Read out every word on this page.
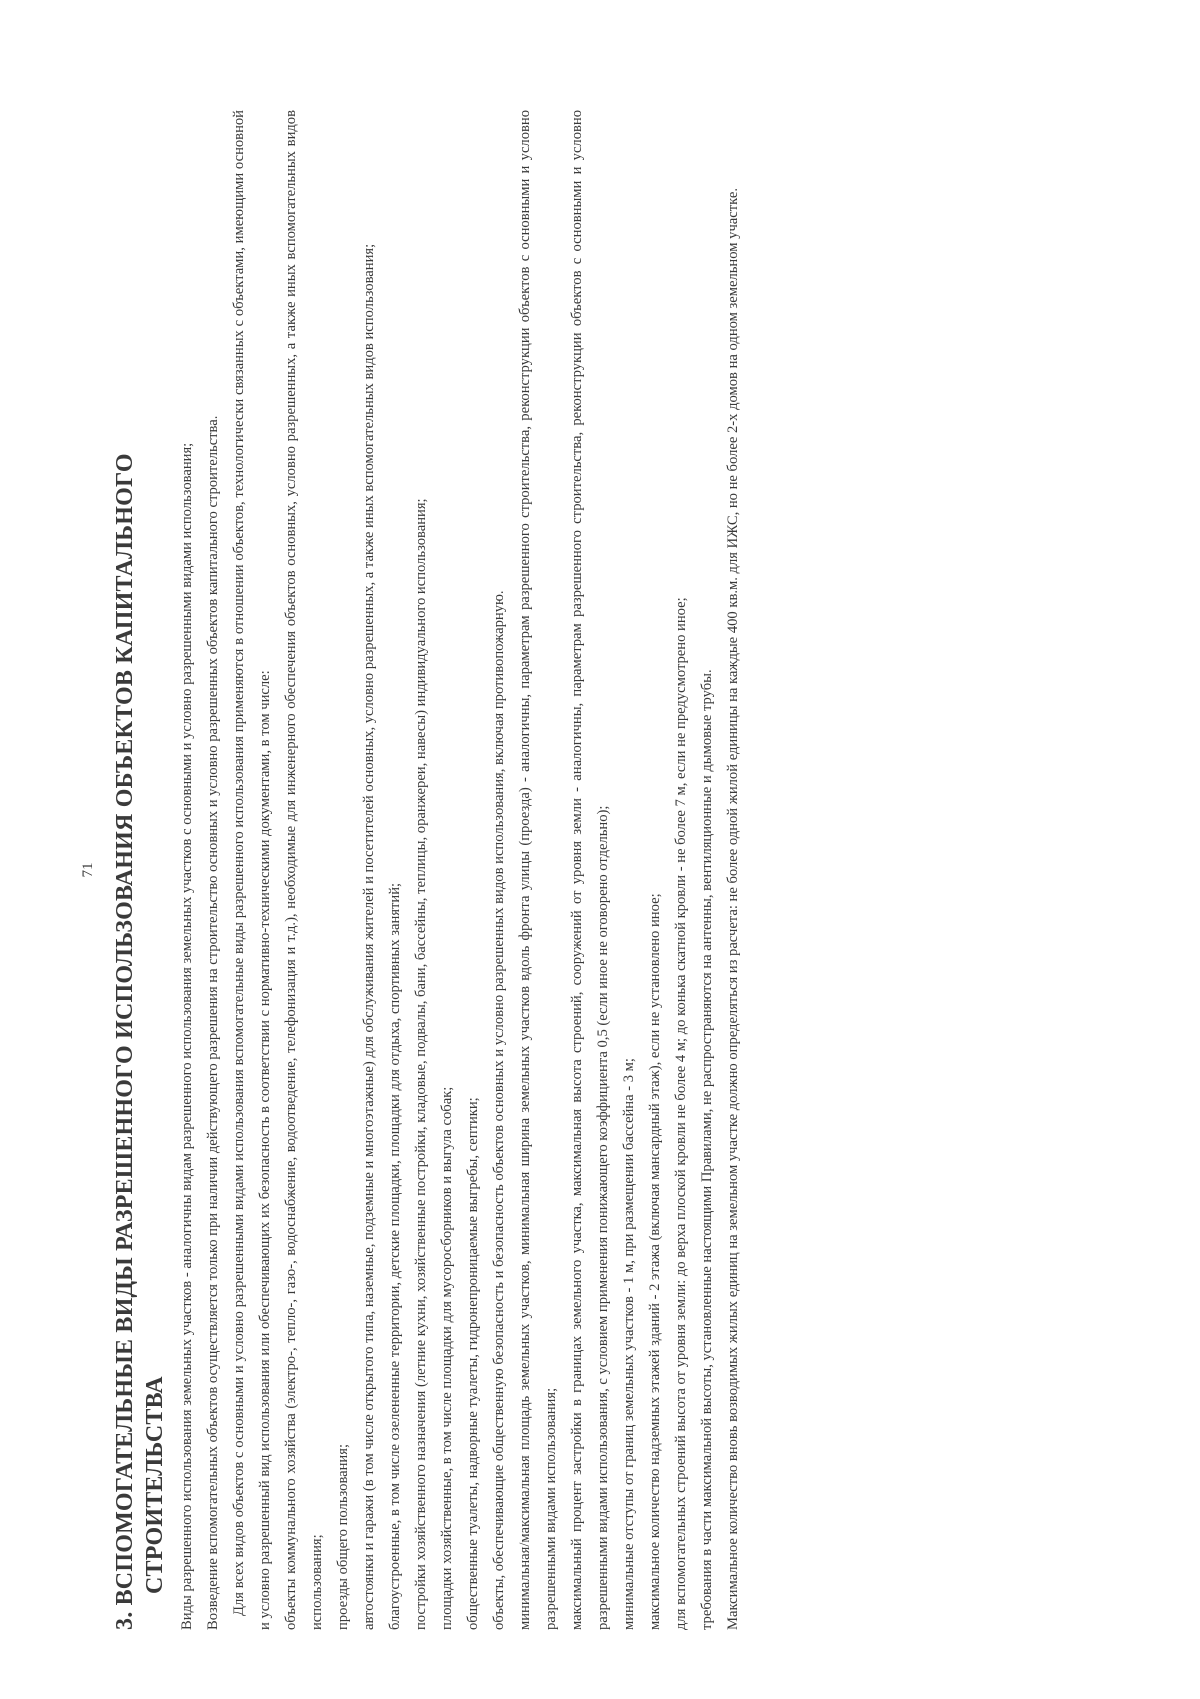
71 3. ВСПОМОГАТЕЛЬНЫЕ ВИДЫ РАЗРЕШЕННОГО ИСПОЛЬЗОВАНИЯ ОБЪЕКТОВ КАПИТАЛЬНОГО СТРОИТЕЛЬСТВА Виды разрешенного использования земельных участков - аналогичны видам разрешенного использования земельных участков с основными и условно разрешенными видами использования; Возведение вспомогательных объектов осуществляется только при наличии действующего разрешения на строительство основных и условно разрешенных объектов капитального строительства. Для всех видов объектов с основными и условно разрешенными видами использования вспомогательные виды разрешенного использования применяются в отношении объектов, технологически связанных с объектами, имеющими основной и условно разрешенный вид использования или обеспечивающих их безопасность в соответствии с нормативно-техническими документами, в том числе: объекты коммунального хозяйства (электро-, тепло-, газо-, водоснабжение, водоотведение, телефонизация и т.д.), необходимые для инженерного обеспечения объектов основных, условно разрешенных, а также иных вспомогательных видов использования; проезды общего пользования; автостоянки и гаражи (в том числе открытого типа, наземные, подземные и многоэтажные) для обслуживания жителей и посетителей основных, условно разрешенных, а также иных вспомогательных видов использования; благоустроенные, в том числе озелененные территории, детские площадки, площадки для отдыха, спортивных занятий; постройки хозяйственного назначения (летние кухни, хозяйственные постройки, кладовые, подвалы, бани, бассейны, теплицы, оранжереи, навесы) индивидуального использования; площадки хозяйственные, в том числе площадки для мусоросборников и выгула собак; общественные туалеты, надворные туалеты, гидронепроницаемые выгребы, септики; объекты, обеспечивающие общественную безопасность и безопасность объектов основных и условно разрешенных видов использования, включая противопожарную. минимальная/максимальная площадь земельных участков, минимальная ширина земельных участков вдоль фронта улицы (проезда) - аналогичны, параметрам разрешенного строительства, реконструкции объектов с основными и условно разрешенными видами использования; максимальный процент застройки в границах земельного участка, максимальная высота строений, сооружений от уровня земли - аналогичны, параметрам разрешенного строительства, реконструкции объектов с основными и условно разрешенными видами использования, с условием применения понижающего коэффициента 0,5 (если иное не оговорено отдельно); минимальные отступы от границ земельных участков - 1 м, при размещении бассейна - 3 м; максимальное количество надземных этажей зданий - 2 этажа (включая мансардный этаж), если не установлено иное; для вспомогательных строений высота от уровня земли: до верха плоской кровли не более 4 м; до конька скатной кровли - не более 7 м, если не предусмотрено иное; требования в части максимальной высоты, установленные настоящими Правилами, не распространяются на антенны, вентиляционные и дымовые трубы. Максимальное количество вновь возводимых жилых единиц на земельном участке должно определяться из расчета: не более одной жилой единицы на каждые 400 кв.м. для ИЖС, но не более 2-х домов на одном земельном участке.
